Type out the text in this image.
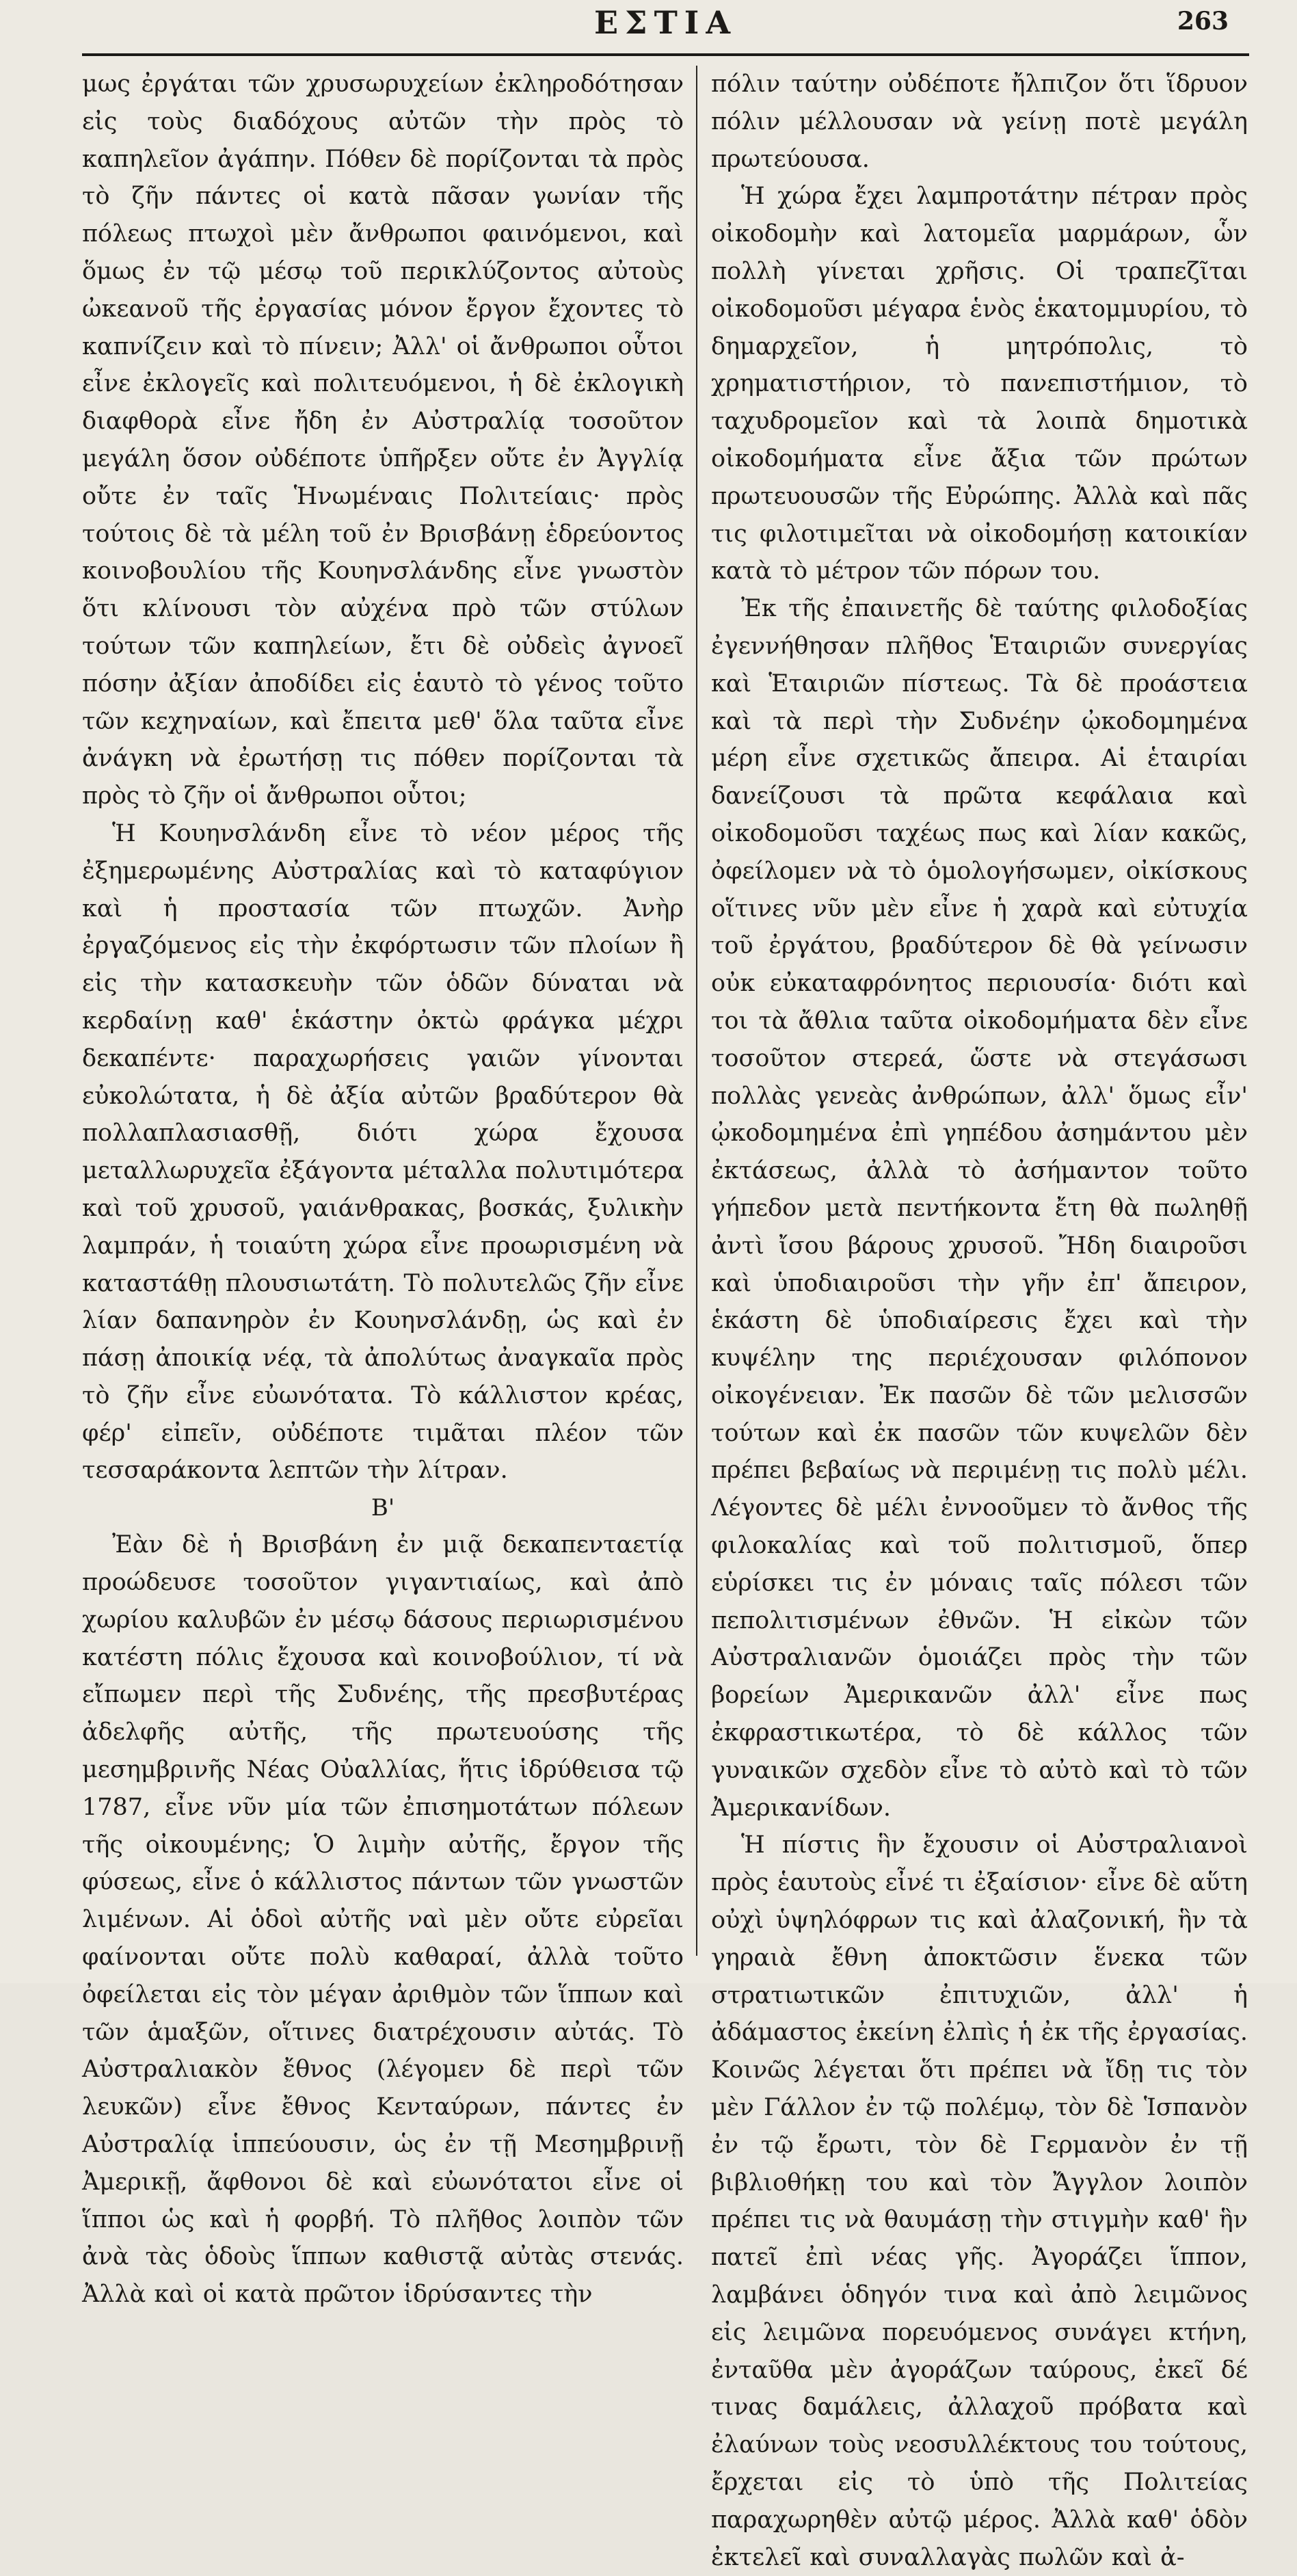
ΕΣΤΙΑ	263

μως ἐργάται τῶν χρυσωρυχείων ἐκληροδότησαν εἰς τοὺς διαδόχους αὐτῶν τὴν πρὸς τὸ καπηλεῖον ἀγάπην. Πόθεν δὲ πορίζονται τὰ πρὸς τὸ ζῆν πάντες οἱ κατὰ πᾶσαν γωνίαν τῆς πόλεως πτωχοὶ μὲν ἄνθρωποι φαινόμενοι, καὶ ὅμως ἐν τῷ μέσῳ τοῦ περικλύζοντος αὐτοὺς ὠκεανοῦ τῆς ἐργασίας μόνον ἔργον ἔχοντες τὸ καπνίζειν καὶ τὸ πίνειν; Ἀλλ' οἱ ἄνθρωποι οὗτοι εἶνε ἐκλογεῖς καὶ πολιτευόμενοι, ἡ δὲ ἐκλογικὴ διαφθορὰ εἶνε ἤδη ἐν Αὐστραλίᾳ τοσοῦτον μεγάλη ὅσον οὐδέποτε ὑπῆρξεν οὔτε ἐν Ἀγγλίᾳ οὔτε ἐν ταῖς Ἡνωμέναις Πολιτείαις· πρὸς τούτοις δὲ τὰ μέλη τοῦ ἐν Βρισβάνῃ ἑδρεύοντος κοινοβουλίου τῆς Κουηνσλάνδης εἶνε γνωστὸν ὅτι κλίνουσι τὸν αὐχένα πρὸ τῶν στύλων τούτων τῶν καπηλείων, ἔτι δὲ οὐδεὶς ἀγνοεῖ πόσην ἀξίαν ἀποδίδει εἰς ἑαυτὸ τὸ γένος τοῦτο τῶν κεχηναίων, καὶ ἔπειτα μεθ' ὅλα ταῦτα εἶνε ἀνάγκη νὰ ἐρωτήσῃ τις πόθεν πορίζονται τὰ πρὸς τὸ ζῆν οἱ ἄνθρωποι οὗτοι;

Ἡ Κουηνσλάνδη εἶνε τὸ νέον μέρος τῆς ἐξημερωμένης Αὐστραλίας καὶ τὸ καταφύγιον καὶ ἡ προστασία τῶν πτωχῶν. Ἀνὴρ ἐργαζόμενος εἰς τὴν ἐκφόρτωσιν τῶν πλοίων ἢ εἰς τὴν κατασκευὴν τῶν ὁδῶν δύναται νὰ κερδαίνῃ καθ' ἑκάστην ὀκτὼ φράγκα μέχρι δεκαπέντε· παραχωρήσεις γαιῶν γίνονται εὐκολώτατα, ἡ δὲ ἀξία αὐτῶν βραδύτερον θὰ πολλαπλασιασθῇ, διότι χώρα ἔχουσα μεταλλωρυχεῖα ἐξάγοντα μέταλλα πολυτιμότερα καὶ τοῦ χρυσοῦ, γαιάνθρακας, βοσκάς, ξυλικὴν λαμπράν, ἡ τοιαύτη χώρα εἶνε προωρισμένη νὰ καταστάθῃ πλουσιωτάτη. Τὸ πολυτελῶς ζῆν εἶνε λίαν δαπανηρὸν ἐν Κουηνσλάνδῃ, ὡς καὶ ἐν πάσῃ ἀποικίᾳ νέᾳ, τὰ ἀπολύτως ἀναγκαῖα πρὸς τὸ ζῆν εἶνε εὐωνότατα. Τὸ κάλλιστον κρέας, φέρ' εἰπεῖν, οὐδέποτε τιμᾶται πλέον τῶν τεσσαράκοντα λεπτῶν τὴν λίτραν.

Β'

Ἐὰν δὲ ἡ Βρισβάνη ἐν μιᾷ δεκαπενταετίᾳ προώδευσε τοσοῦτον γιγαντιαίως, καὶ ἀπὸ χωρίου καλυβῶν ἐν μέσῳ δάσους περιωρισμένου κατέστη πόλις ἔχουσα καὶ κοινοβούλιον, τί νὰ εἴπωμεν περὶ τῆς Συδνέης, τῆς πρεσβυτέρας ἀδελφῆς αὐτῆς, τῆς πρωτευούσης τῆς μεσημβρινῆς Νέας Οὐαλλίας, ἥτις ἱδρύθεισα τῷ 1787, εἶνε νῦν μία τῶν ἐπισημοτάτων πόλεων τῆς οἰκουμένης; Ὁ λιμὴν αὐτῆς, ἔργον τῆς φύσεως, εἶνε ὁ κάλλιστος πάντων τῶν γνωστῶν λιμένων. Αἱ ὁδοὶ αὐτῆς ναὶ μὲν οὔτε εὐρεῖαι φαίνονται οὔτε πολὺ καθαραί, ἀλλὰ τοῦτο ὀφείλεται εἰς τὸν μέγαν ἀριθμὸν τῶν ἵππων καὶ τῶν ἁμαξῶν, οἵτινες διατρέχουσιν αὐτάς. Τὸ Αὐστραλιακὸν ἔθνος (λέγομεν δὲ περὶ τῶν λευκῶν) εἶνε ἔθνος Κενταύρων, πάντες ἐν Αὐστραλίᾳ ἱππεύουσιν, ὡς ἐν τῇ Μεσημβρινῇ Ἀμερικῇ, ἄφθονοι δὲ καὶ εὐωνότατοι εἶνε οἱ ἵπποι ὡς καὶ ἡ φορβή. Τὸ πλῆθος λοιπὸν τῶν ἀνὰ τὰς ὁδοὺς ἵππων καθιστᾷ αὐτὰς στενάς. Ἀλλὰ καὶ οἱ κατὰ πρῶτον ἱδρύσαντες τὴν

πόλιν ταύτην οὐδέποτε ἤλπιζον ὅτι ἵδρυον πόλιν μέλλουσαν νὰ γείνῃ ποτὲ μεγάλη πρωτεύουσα.

Ἡ χώρα ἔχει λαμπροτάτην πέτραν πρὸς οἰκοδομὴν καὶ λατομεῖα μαρμάρων, ὧν πολλὴ γίνεται χρῆσις. Οἱ τραπεζῖται οἰκοδομοῦσι μέγαρα ἑνὸς ἑκατομμυρίου, τὸ δημαρχεῖον, ἡ μητρόπολις, τὸ χρηματιστήριον, τὸ πανεπιστήμιον, τὸ ταχυδρομεῖον καὶ τὰ λοιπὰ δημοτικὰ οἰκοδομήματα εἶνε ἄξια τῶν πρώτων πρωτευουσῶν τῆς Εὐρώπης. Ἀλλὰ καὶ πᾶς τις φιλοτιμεῖται νὰ οἰκοδομήσῃ κατοικίαν κατὰ τὸ μέτρον τῶν πόρων του.

Ἐκ τῆς ἐπαινετῆς δὲ ταύτης φιλοδοξίας ἐγεννήθησαν πλῆθος Ἑταιριῶν συνεργίας καὶ Ἑταιριῶν πίστεως. Τὰ δὲ προάστεια καὶ τὰ περὶ τὴν Συδνέην ᾠκοδομημένα μέρη εἶνε σχετικῶς ἄπειρα. Αἱ ἑταιρίαι δανείζουσι τὰ πρῶτα κεφάλαια καὶ οἰκοδομοῦσι ταχέως πως καὶ λίαν κακῶς, ὀφείλομεν νὰ τὸ ὁμολογήσωμεν, οἰκίσκους οἵτινες νῦν μὲν εἶνε ἡ χαρὰ καὶ εὐτυχία τοῦ ἐργάτου, βραδύτερον δὲ θὰ γείνωσιν οὐκ εὐκαταφρόνητος περιουσία· διότι καὶ τοι τὰ ἄθλια ταῦτα οἰκοδομήματα δὲν εἶνε τοσοῦτον στερεά, ὥστε νὰ στεγάσωσι πολλὰς γενεὰς ἀνθρώπων, ἀλλ' ὅμως εἶν' ᾠκοδομημένα ἐπὶ γηπέδου ἀσημάντου μὲν ἐκτάσεως, ἀλλὰ τὸ ἀσήμαντον τοῦτο γήπεδον μετὰ πεντήκοντα ἔτη θὰ πωληθῇ ἀντὶ ἴσου βάρους χρυσοῦ. Ἤδη διαιροῦσι καὶ ὑποδιαιροῦσι τὴν γῆν ἐπ' ἄπειρον, ἑκάστη δὲ ὑποδιαίρεσις ἔχει καὶ τὴν κυψέλην της περιέχουσαν φιλόπονον οἰκογένειαν. Ἐκ πασῶν δὲ τῶν μελισσῶν τούτων καὶ ἐκ πασῶν τῶν κυψελῶν δὲν πρέπει βεβαίως νὰ περιμένῃ τις πολὺ μέλι. Λέγοντες δὲ μέλι ἐννοοῦμεν τὸ ἄνθος τῆς φιλοκαλίας καὶ τοῦ πολιτισμοῦ, ὅπερ εὑρίσκει τις ἐν μόναις ταῖς πόλεσι τῶν πεπολιτισμένων ἐθνῶν. Ἡ εἰκὼν τῶν Αὐστραλιανῶν ὁμοιάζει πρὸς τὴν τῶν βορείων Ἀμερικανῶν ἀλλ' εἶνε πως ἐκφραστικωτέρα, τὸ δὲ κάλλος τῶν γυναικῶν σχεδὸν εἶνε τὸ αὐτὸ καὶ τὸ τῶν Ἀμερικανίδων.

Ἡ πίστις ἣν ἔχουσιν οἱ Αὐστραλιανοὶ πρὸς ἑαυτοὺς εἶνέ τι ἐξαίσιον· εἶνε δὲ αὕτη οὐχὶ ὑψηλόφρων τις καὶ ἀλαζονική, ἣν τὰ γηραιὰ ἔθνη ἀποκτῶσιν ἕνεκα τῶν στρατιωτικῶν ἐπιτυχιῶν, ἀλλ' ἡ ἀδάμαστος ἐκείνη ἐλπὶς ἡ ἐκ τῆς ἐργασίας. Κοινῶς λέγεται ὅτι πρέπει νὰ ἴδῃ τις τὸν μὲν Γάλλον ἐν τῷ πολέμῳ, τὸν δὲ Ἱσπανὸν ἐν τῷ ἔρωτι, τὸν δὲ Γερμανὸν ἐν τῇ βιβλιοθήκῃ του καὶ τὸν Ἄγγλον λοιπὸν πρέπει τις νὰ θαυμάσῃ τὴν στιγμὴν καθ' ἣν πατεῖ ἐπὶ νέας γῆς. Ἀγοράζει ἵππον, λαμβάνει ὁδηγόν τινα καὶ ἀπὸ λειμῶνος εἰς λειμῶνα πορευόμενος συνάγει κτήνη, ἐνταῦθα μὲν ἀγοράζων ταύρους, ἐκεῖ δέ τινας δαμάλεις, ἀλλαχοῦ πρόβατα καὶ ἐλαύνων τοὺς νεοσυλλέκτους του τούτους, ἔρχεται εἰς τὸ ὑπὸ τῆς Πολιτείας παραχωρηθὲν αὐτῷ μέρος. Ἀλλὰ καθ' ὁδὸν ἐκτελεῖ καὶ συναλλαγὰς πωλῶν καὶ ἀ-
